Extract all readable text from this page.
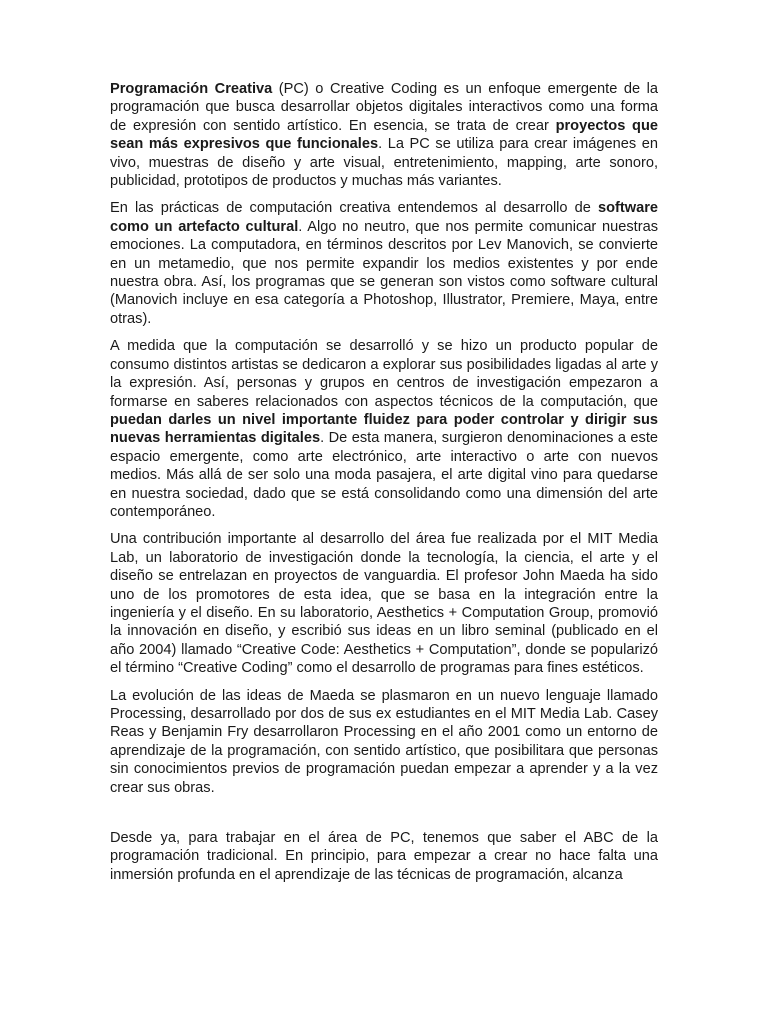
Programación Creativa (PC) o Creative Coding es un enfoque emergente de la programación que busca desarrollar objetos digitales interactivos como una forma de expresión con sentido artístico. En esencia, se trata de crear proyectos que sean más expresivos que funcionales. La PC se utiliza para crear imágenes en vivo, muestras de diseño y arte visual, entretenimiento, mapping, arte sonoro, publicidad, prototipos de productos y muchas más variantes.

En las prácticas de computación creativa entendemos al desarrollo de software como un artefacto cultural. Algo no neutro, que nos permite comunicar nuestras emociones. La computadora, en términos descritos por Lev Manovich, se convierte en un metamedio, que nos permite expandir los medios existentes y por ende nuestra obra. Así, los programas que se generan son vistos como software cultural (Manovich incluye en esa categoría a Photoshop, Illustrator, Premiere, Maya, entre otras).

A medida que la computación se desarrolló y se hizo un producto popular de consumo distintos artistas se dedicaron a explorar sus posibilidades ligadas al arte y la expresión. Así, personas y grupos en centros de investigación empezaron a formarse en saberes relacionados con aspectos técnicos de la computación, que puedan darles un nivel importante fluidez para poder controlar y dirigir sus nuevas herramientas digitales. De esta manera, surgieron denominaciones a este espacio emergente, como arte electrónico, arte interactivo o arte con nuevos medios. Más allá de ser solo una moda pasajera, el arte digital vino para quedarse en nuestra sociedad, dado que se está consolidando como una dimensión del arte contemporáneo.

Una contribución importante al desarrollo del área fue realizada por el MIT Media Lab, un laboratorio de investigación donde la tecnología, la ciencia, el arte y el diseño se entrelazan en proyectos de vanguardia. El profesor John Maeda ha sido uno de los promotores de esta idea, que se basa en la integración entre la ingeniería y el diseño. En su laboratorio, Aesthetics + Computation Group, promovió la innovación en diseño, y escribió sus ideas en un libro seminal (publicado en el año 2004) llamado “Creative Code: Aesthetics + Computation”, donde se popularizó el término “Creative Coding” como el desarrollo de programas para fines estéticos.

La evolución de las ideas de Maeda se plasmaron en un nuevo lenguaje llamado Processing, desarrollado por dos de sus ex estudiantes en el MIT Media Lab. Casey Reas y Benjamin Fry desarrollaron Processing en el año 2001 como un entorno de aprendizaje de la programación, con sentido artístico, que posibilitara que personas sin conocimientos previos de programación puedan empezar a aprender y a la vez crear sus obras.

Desde ya, para trabajar en el área de PC, tenemos que saber el ABC de la programación tradicional. En principio, para empezar a crear no hace falta una inmersión profunda en el aprendizaje de las técnicas de programación, alcanza
